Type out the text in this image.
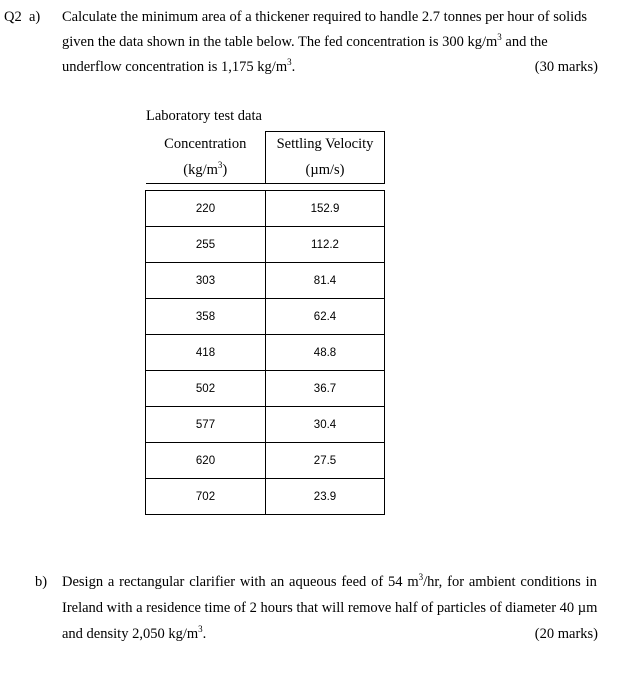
Q2 a) Calculate the minimum area of a thickener required to handle 2.7 tonnes per hour of solids
given the data shown in the table below. The fed concentration is 300 $kg/m^3$ and the
underflow concentration is 1,175 $kg/m^3$.	(30 marks)
Laboratory test data
Concentration	Settling Velocity
$(kg/m^3)$	(µm/s)

220	152.9
255	112.2
303	81.4
358	62.4
418	48.8
502	36.7
577	30.4
620	27.5
702	23.9
b) Design a rectangular clarifier with an aqueous feed of 54 $m^3/hr$, for ambient conditions in
Ireland with a residence time of 2 hours that will remove half of particles of diameter 40 µm
and density 2,050 $kg/m^3$.	(20 marks)
